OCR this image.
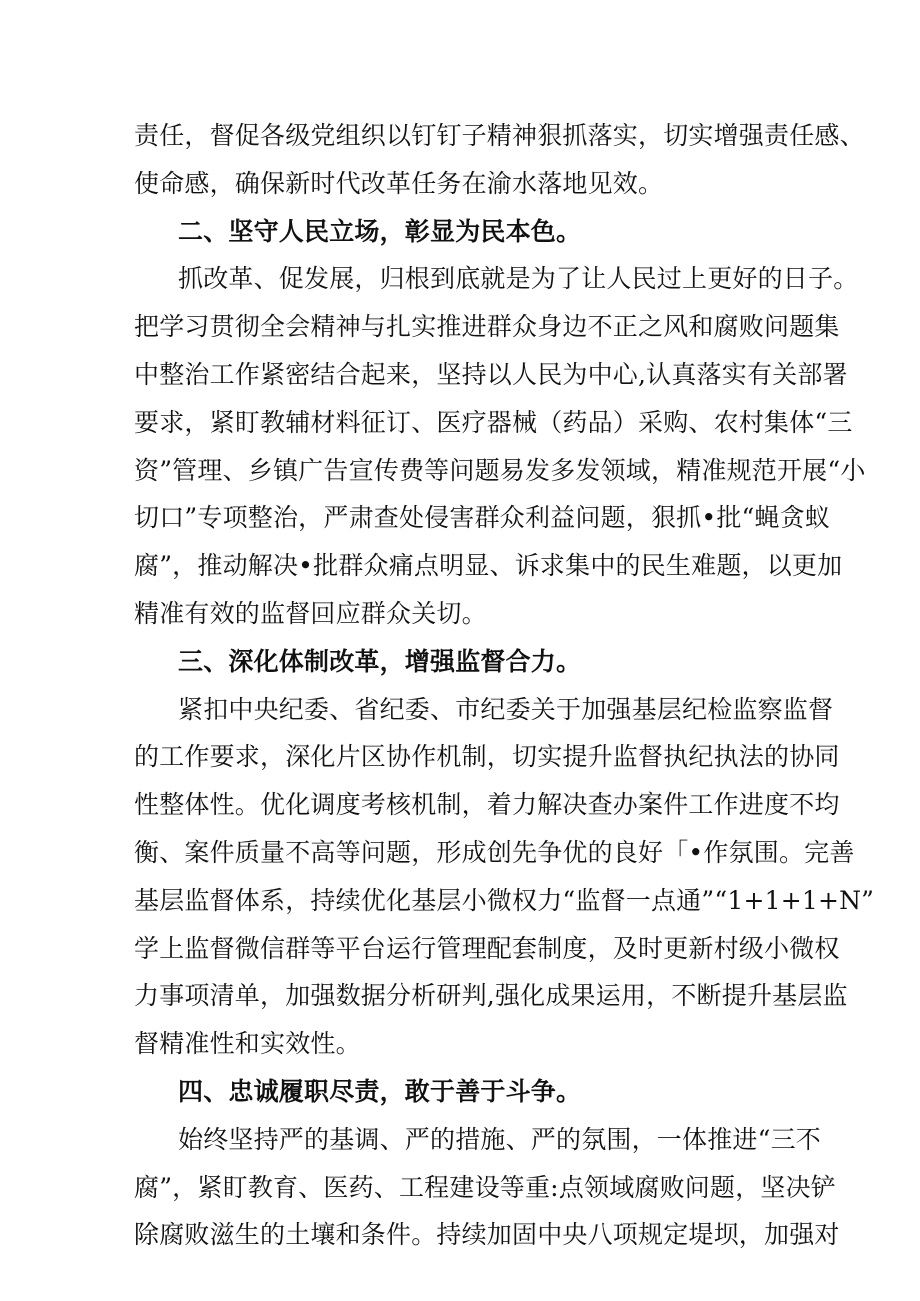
责任，督促各级党组织以钉钉子精神狠抓落实，切实增强责任感、
使命感，确保新时代改革任务在渝水落地见效。
二、坚守人民立场，彰显为民本色。
抓改革、促发展，归根到底就是为了让人民过上更好的日子。
把学习贯彻全会精神与扎实推进群众身边不正之风和腐败问题集
中整治工作紧密结合起来，坚持以人民为中心,认真落实有关部署
要求，紧盯教辅材料征订、医疗器械（药品）采购、农村集体“三
资”管理、乡镇广告宣传费等问题易发多发领域，精准规范开展“小
切口”专项整治，严肃查处侵害群众利益问题，狠抓•批“蝇贪蚁
腐”，推动解决•批群众痛点明显、诉求集中的民生难题，以更加
精准有效的监督回应群众关切。
三、深化体制改革，增强监督合力。
紧扣中央纪委、省纪委、市纪委关于加强基层纪检监察监督
的工作要求，深化片区协作机制，切实提升监督执纪执法的协同
性整体性。优化调度考核机制，着力解决查办案件工作进度不均
衡、案件质量不高等问题，形成创先争优的良好「•作氛围。完善
基层监督体系，持续优化基层小微权力“监督一点通”“1+1+1+N”
学上监督微信群等平台运行管理配套制度，及时更新村级小微权
力事项清单，加强数据分析研判,强化成果运用，不断提升基层监
督精准性和实效性。
四、忠诚履职尽责，敢于善于斗争。
始终坚持严的基调、严的措施、严的氛围，一体推进“三不
腐”，紧盯教育、医药、工程建设等重:点领域腐败问题，坚决铲
除腐败滋生的土壤和条件。持续加固中央八项规定堤坝，加强对
